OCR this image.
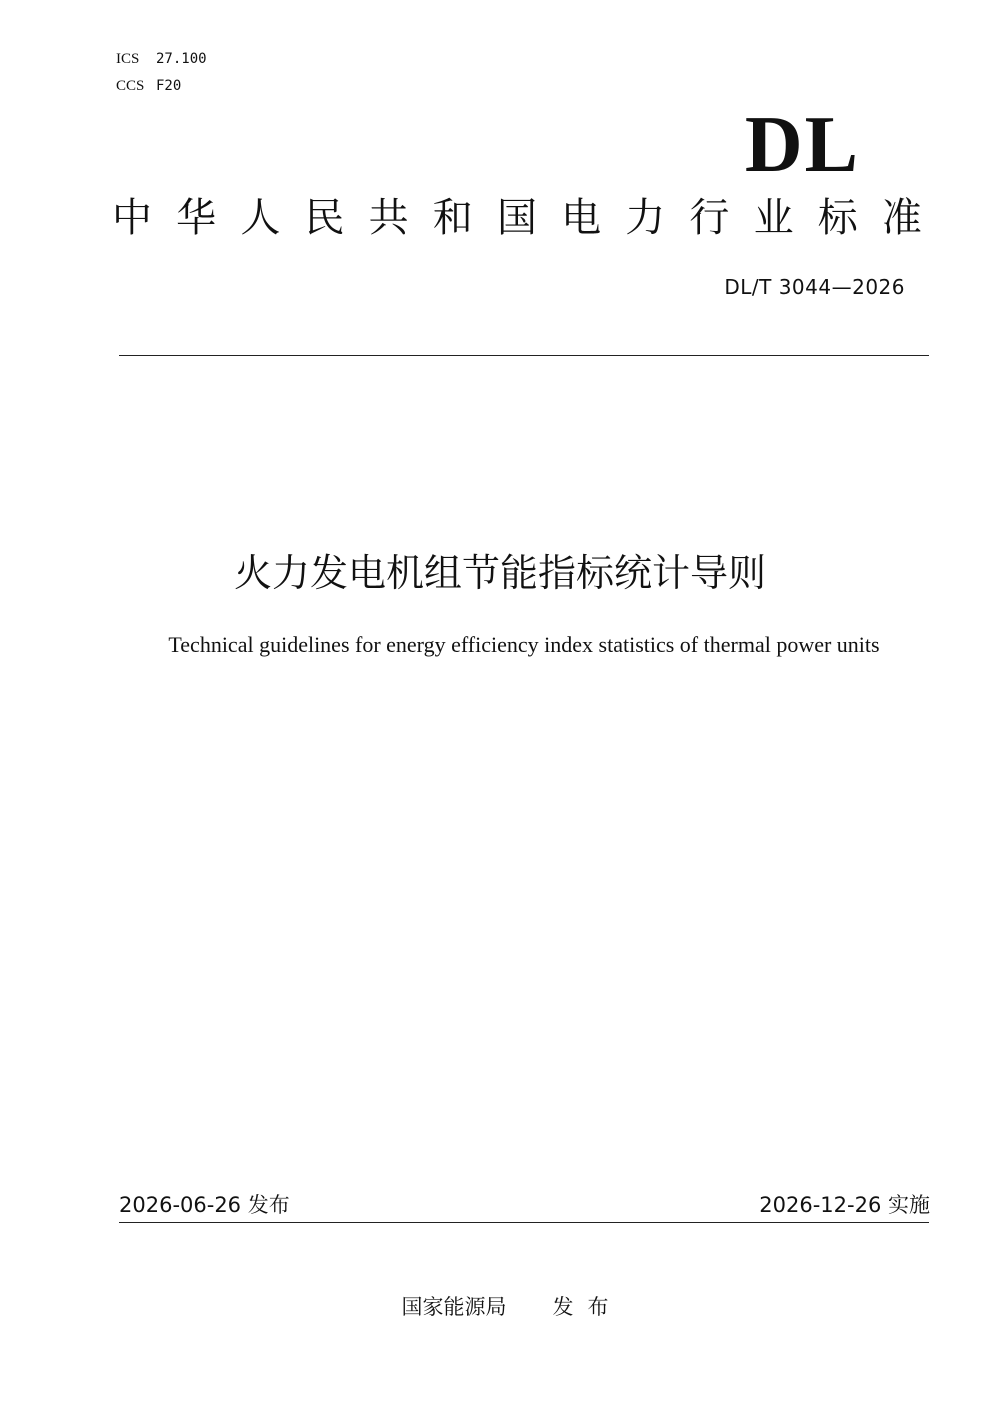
ICS 27.100
CCS F20
DL
中 华 人 民 共 和 国 电 力 行 业 标 准
DL/T 3044—2026
火力发电机组节能指标统计导则
Technical guidelines for energy efficiency index statistics of thermal power units
2026-06-26 发布	2026-12-26 实施
国家能源局 发布
